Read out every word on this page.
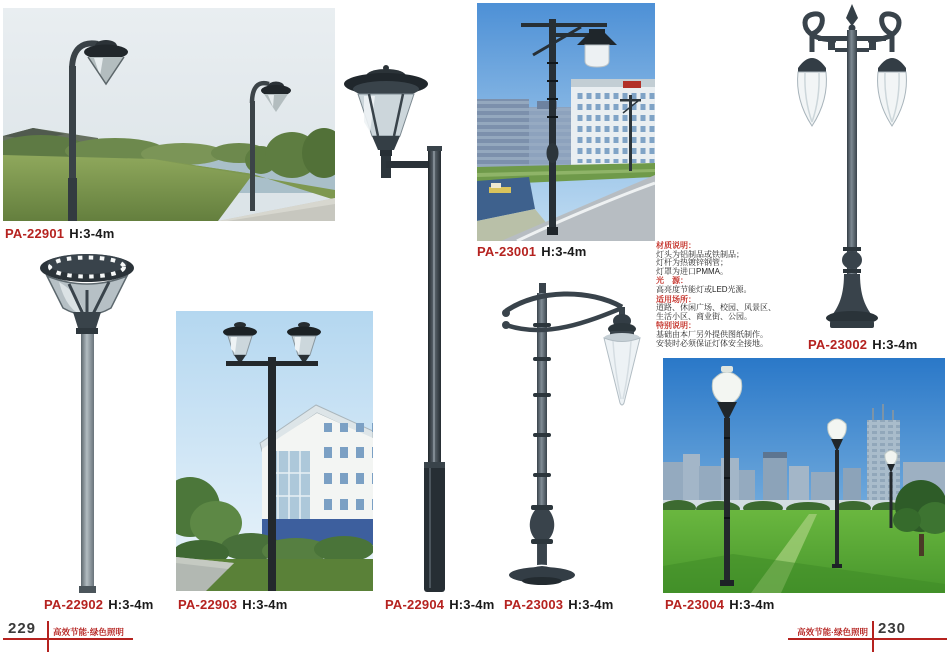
PA-22901 H:3-4m
PA-22902 H:3-4m PA-22903 H:3-4m	PA-22904 H:3-4m
PA-23001 H:3-4m	材质说明：
灯头为铝制品或铁制品；
灯杆为热镀锌钢管；
灯罩为进口PMMA。
光　源：
高亮度节能灯或LED光源。
适用场所：
道路、休闲广场、校园、风景区、
生活小区、商业街、公园。
特别说明：
基础由本厂另外提供图纸制作。
安装时必须保证灯体安全接地。	PA-23002 H:3-4m
PA-23003 H:3-4m	PA-23004 H:3-4m
229 高效节能·绿色照明	高效节能·绿色照明 230
